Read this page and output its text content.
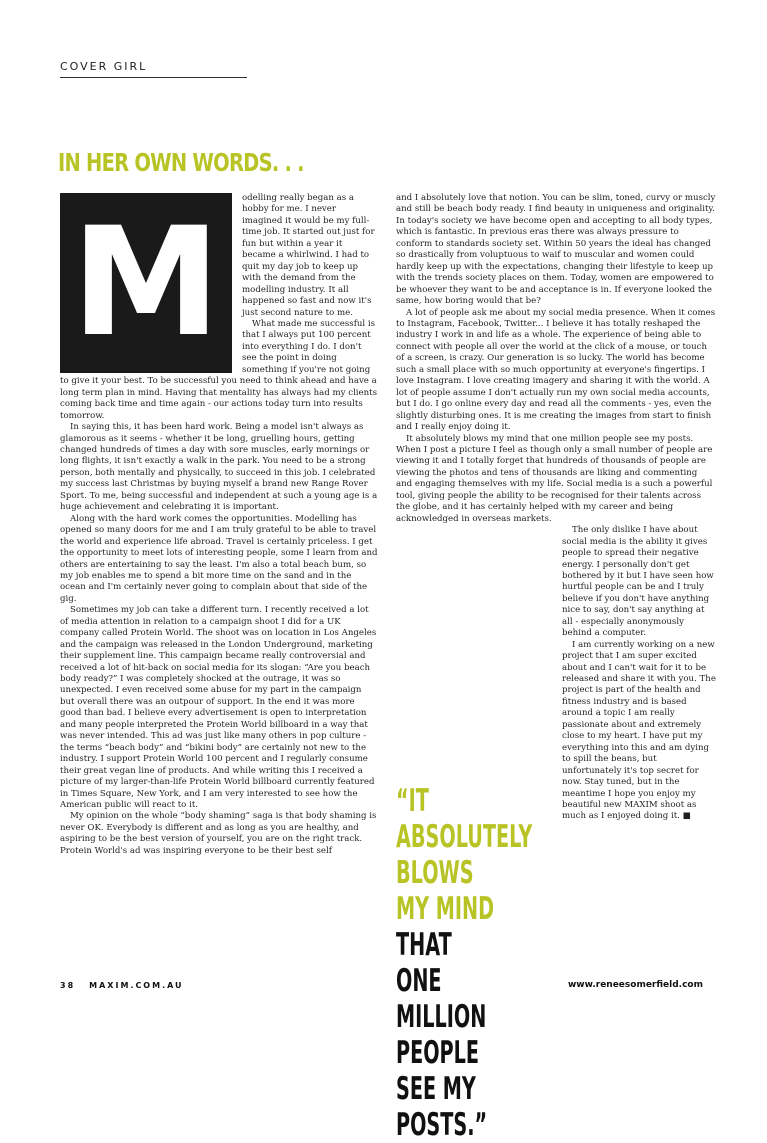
COVER GIRL
IN HER OWN WORDS. . .
M	odelling really began as a hobby for me. I never imagined it would be my full-time job. It started out just for fun but within a year it became a whirlwind. I had to quit my day job to keep up with the demand from the modelling industry. It all happened so fast and now it's just second nature to me.

What made me successful is that I always put 100 percent into everything I do. I don't see the point in doing something if you're not going to give it your best. To be successful you need to think ahead and have a long term plan in mind. Having that mentality has always had my clients coming back time and time again - our actions today turn into results tomorrow.

In saying this, it has been hard work. Being a model isn't always as glamorous as it seems - whether it be long, gruelling hours, getting changed hundreds of times a day with sore muscles, early mornings or long flights, it isn't exactly a walk in the park. You need to be a strong person, both mentally and physically, to succeed in this job. I celebrated my success last Christmas by buying myself a brand new Range Rover Sport. To me, being successful and independent at such a young age is a huge achievement and celebrating it is important.

Along with the hard work comes the opportunities. Modelling has opened so many doors for me and I am truly grateful to be able to travel the world and experience life abroad. Travel is certainly priceless. I get the opportunity to meet lots of interesting people, some I learn from and others are entertaining to say the least. I'm also a total beach bum, so my job enables me to spend a bit more time on the sand and in the ocean and I'm certainly never going to complain about that side of the gig.

Sometimes my job can take a different turn. I recently received a lot of media attention in relation to a campaign shoot I did for a UK company called Protein World. The shoot was on location in Los Angeles and the campaign was released in the London Underground, marketing their supplement line. This campaign became really controversial and received a lot of hit-back on social media for its slogan: “Are you beach body ready?” I was completely shocked at the outrage, it was so unexpected. I even received some abuse for my part in the campaign but overall there was an outpour of support. In the end it was more good than bad. I believe every advertisement is open to interpretation and many people interpreted the Protein World billboard in a way that was never intended. This ad was just like many others in pop culture - the terms “beach body” and “bikini body” are certainly not new to the industry. I support Protein World 100 percent and I regularly consume their great vegan line of products. And while writing this I received a picture of my larger-than-life Protein World billboard currently featured in Times Square, New York, and I am very interested to see how the American public will react to it.

My opinion on the whole “body shaming” saga is that body shaming is never OK. Everybody is different and as long as you are healthy, and aspiring to be the best version of yourself, you are on the right track. Protein World's ad was inspiring everyone to be their best self

and I absolutely love that notion. You can be slim, toned, curvy or muscly and still be beach body ready. I find beauty in uniqueness and originality. In today's society we have become open and accepting to all body types, which is fantastic. In previous eras there was always pressure to conform to standards society set. Within 50 years the ideal has changed so drastically from voluptuous to waif to muscular and women could hardly keep up with the expectations, changing their lifestyle to keep up with the trends society places on them. Today, women are empowered to be whoever they want to be and acceptance is in. If everyone looked the same, how boring would that be?

A lot of people ask me about my social media presence. When it comes to Instagram, Facebook, Twitter... I believe it has totally reshaped the industry I work in and life as a whole. The experience of being able to connect with people all over the world at the click of a mouse, or touch of a screen, is crazy. Our generation is so lucky. The world has become such a small place with so much opportunity at everyone's fingertips. I love Instagram. I love creating imagery and sharing it with the world. A lot of people assume I don't actually run my own social media accounts, but I do. I go online every day and read all the comments - yes, even the slightly disturbing ones. It is me creating the images from start to finish and I really enjoy doing it.

It absolutely blows my mind that one million people see my posts. When I post a picture I feel as though only a small number of people are viewing it and I totally forget that hundreds of thousands of people are viewing the photos and tens of thousands are liking and commenting and engaging themselves with my life. Social media is a such a powerful tool, giving people the ability to be recognised for their talents across the globe, and it has certainly helped with my career and being acknowledged in overseas markets.

The only dislike I have about social media is the ability it gives people to spread their negative energy. I personally don't get bothered by it but I have seen how hurtful people can be and I truly believe if you don't have anything nice to say, don't say anything at all - especially anonymously behind a computer.

I am currently working on a new project that I am super excited about and I can't wait for it to be released and share it with you. The project is part of the health and fitness industry and is based around a topic I am really passionate about and extremely close to my heart. I have put my everything into this and am dying to spill the beans, but unfortunately it's top secret for now. Stay tuned, but in the meantime I hope you enjoy my beautiful new MAXIM shoot as much as I enjoyed doing it. ■

“IT ABSOLUTELY BLOWS MY MIND THAT ONE MILLION PEOPLE SEE MY POSTS.”
38 MAXIM.COM.AU	www.reneesomerfield.com
